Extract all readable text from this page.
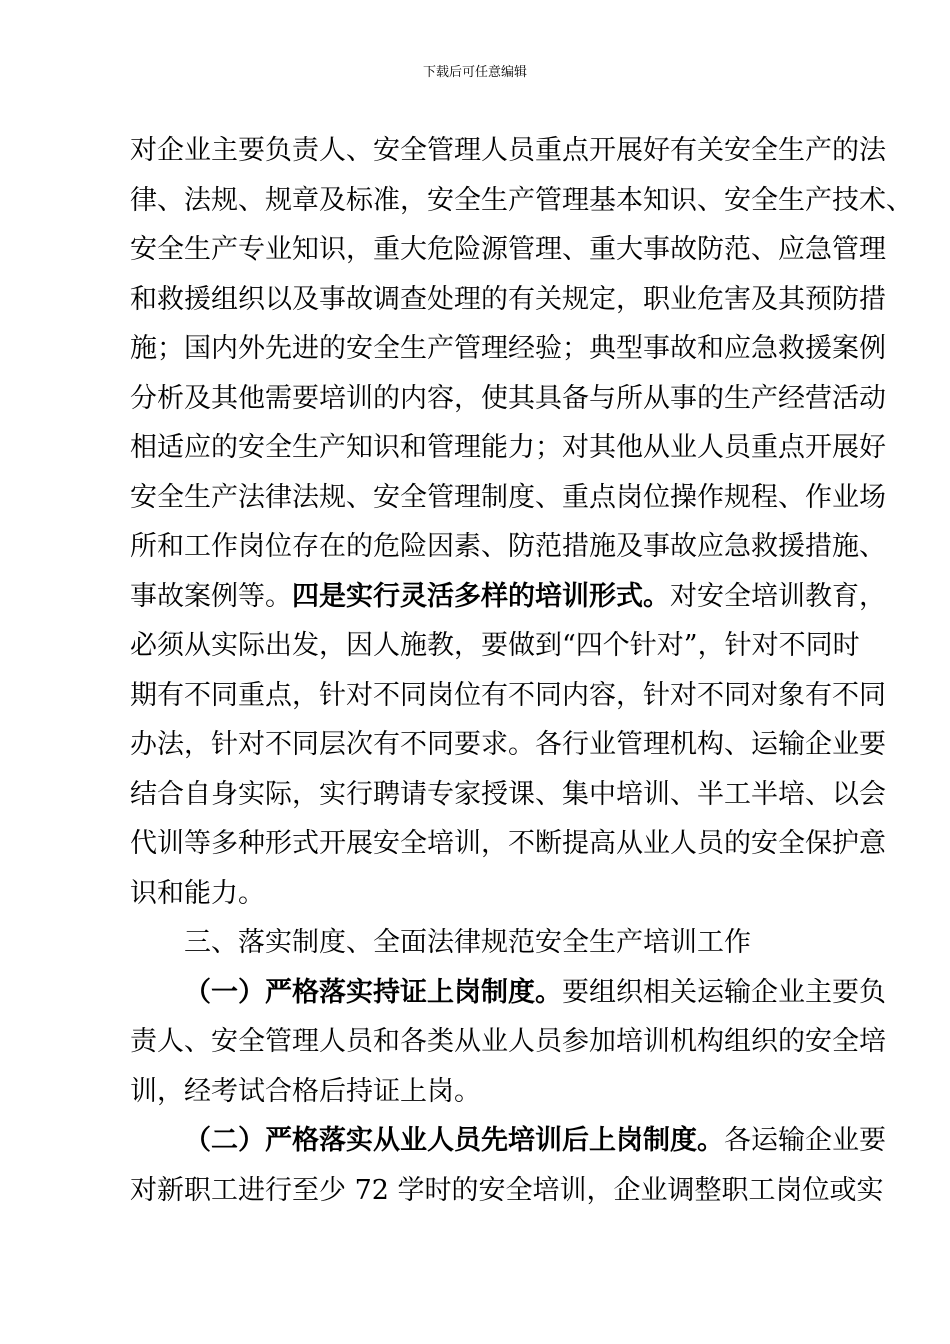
下载后可任意编辑
对企业主要负责人、安全管理人员重点开展好有关安全生产的法
律、法规、规章及标准，安全生产管理基本知识、安全生产技术、
安全生产专业知识，重大危险源管理、重大事故防范、应急管理
和救援组织以及事故调查处理的有关规定，职业危害及其预防措
施；国内外先进的安全生产管理经验；典型事故和应急救援案例
分析及其他需要培训的内容，使其具备与所从事的生产经营活动
相适应的安全生产知识和管理能力；对其他从业人员重点开展好
安全生产法律法规、安全管理制度、重点岗位操作规程、作业场
所和工作岗位存在的危险因素、防范措施及事故应急救援措施、
事故案例等。四是实行灵活多样的培训形式。对安全培训教育，
必须从实际出发，因人施教，要做到“四个针对”，针对不同时
期有不同重点，针对不同岗位有不同内容，针对不同对象有不同
办法，针对不同层次有不同要求。各行业管理机构、运输企业要
结合自身实际，实行聘请专家授课、集中培训、半工半培、以会
代训等多种形式开展安全培训，不断提高从业人员的安全保护意
识和能力。
三、落实制度、全面法律规范安全生产培训工作
（一）严格落实持证上岗制度。要组织相关运输企业主要负
责人、安全管理人员和各类从业人员参加培训机构组织的安全培
训，经考试合格后持证上岗。
（二）严格落实从业人员先培训后上岗制度。各运输企业要
对新职工进行至少 72 学时的安全培训，企业调整职工岗位或实
